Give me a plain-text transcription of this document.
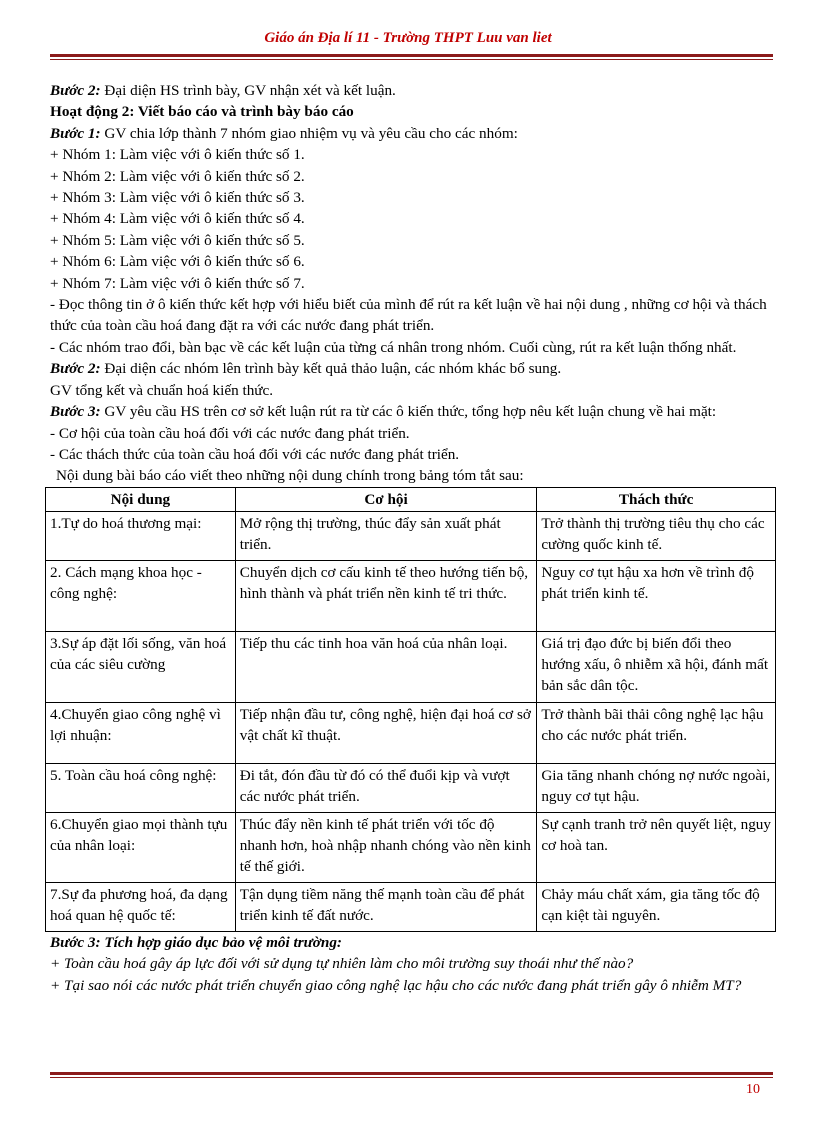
Giáo án Địa lí 11 - Trường THPT Luu van liet

Bước 2: Đại diện HS trình bày, GV nhận xét và kết luận.

Hoạt động 2: Viết báo cáo và trình bày báo cáo

Bước 1: GV chia lớp thành 7 nhóm giao nhiệm vụ và yêu cầu cho các nhóm:

+ Nhóm 1: Làm việc với ô kiến thức số 1.

+ Nhóm 2: Làm việc với ô kiến thức số 2.

+ Nhóm 3: Làm việc với ô kiến thức số 3.

+ Nhóm 4: Làm việc với ô kiến thức số 4.

+ Nhóm 5: Làm việc với ô kiến thức số 5.

+ Nhóm 6: Làm việc với ô kiến thức số 6.

+ Nhóm 7: Làm việc với ô kiến thức số 7.

- Đọc thông tin ở ô kiến thức kết hợp với hiểu biết của mình để rút ra kết luận về hai nội dung , những cơ hội và thách thức của toàn cầu hoá đang đặt ra với các nước đang phát triển.

- Các nhóm trao đổi, bàn bạc về các kết luận của từng cá nhân trong nhóm. Cuối cùng, rút ra kết luận thống nhất.

Bước 2: Đại diện các nhóm lên trình bày kết quả thảo luận, các nhóm khác bổ sung.

GV tổng kết và chuẩn hoá kiến thức.

Bước 3: GV yêu cầu HS trên cơ sở kết luận rút ra từ các ô kiến thức, tổng hợp nêu kết luận chung về hai mặt:

- Cơ hội của toàn cầu hoá đối với các nước đang phát triển.

- Các thách thức của toàn cầu hoá đối với các nước đang phát triển.

Nội dung bài báo cáo viết theo những nội dung chính trong bảng tóm tắt sau:

Nội dung	Cơ hội	Thách thức
1.Tự do hoá thương mại:	Mở rộng thị trường, thúc đẩy sản xuất phát triển.	Trở thành thị trường tiêu thụ cho các cường quốc kinh tế.
2. Cách mạng khoa học - công nghệ:	Chuyển dịch cơ cấu kinh tế theo hướng tiến bộ, hình thành và phát triển nền kinh tế tri thức.	Nguy cơ tụt hậu xa hơn về trình độ phát triển kinh tế.
3.Sự áp đặt lối sống, văn hoá của các siêu cường	Tiếp thu các tinh hoa văn hoá của nhân loại.	Giá trị đạo đức bị biến đổi theo hướng xấu, ô nhiễm xã hội, đánh mất bản sắc dân tộc.
4.Chuyển giao công nghệ vì lợi nhuận:	Tiếp nhận đầu tư, công nghệ, hiện đại hoá cơ sở vật chất kĩ thuật.	Trở thành bãi thải công nghệ lạc hậu cho các nước phát triển.
5. Toàn cầu hoá công nghệ:	Đi tắt, đón đầu từ đó có thể đuổi kịp và vượt các nước phát triển.	Gia tăng nhanh chóng nợ nước ngoài, nguy cơ tụt hậu.
6.Chuyển giao mọi thành tựu của nhân loại:	Thúc đẩy nền kinh tế phát triển với tốc độ nhanh hơn, hoà nhập nhanh chóng vào nền kinh tế thế giới.	Sự cạnh tranh trở nên quyết liệt, nguy cơ hoà tan.
7.Sự đa phương hoá, đa dạng hoá quan hệ quốc tế:	Tận dụng tiềm năng thế mạnh toàn cầu để phát triển kinh tế đất nước.	Chảy máu chất xám, gia tăng tốc độ cạn kiệt tài nguyên.

Bước 3: Tích hợp giáo dục bảo vệ môi trường:

+ Toàn cầu hoá gây áp lực đối với sử dụng tự nhiên làm cho môi trường suy thoái như thế nào?

+ Tại sao nói các nước phát triển chuyển giao công nghệ lạc hậu cho các nước đang phát triển gây ô nhiễm MT?

10
